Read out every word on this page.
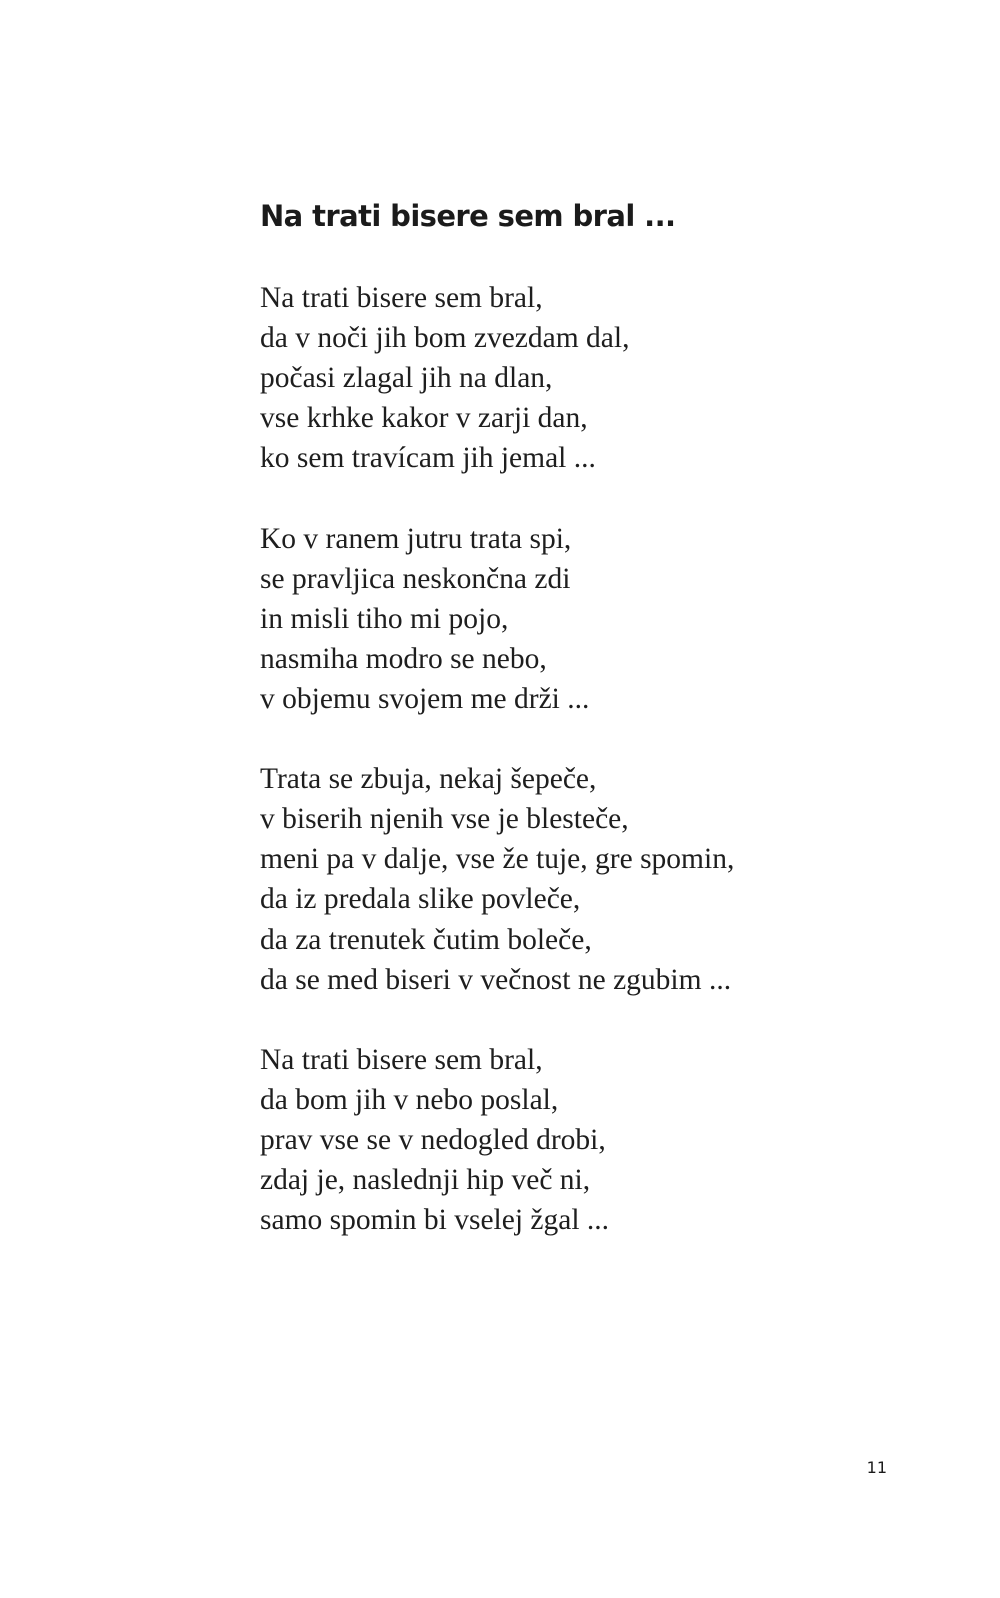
Na trati bisere sem bral ...
Na trati bisere sem bral,
da v noči jih bom zvezdam dal,
počasi zlagal jih na dlan,
vse krhke kakor v zarji dan,
ko sem travícam jih jemal ...
Ko v ranem jutru trata spi,
se pravljica neskončna zdi
in misli tiho mi pojo,
nasmiha modro se nebo,
v objemu svojem me drži ...
Trata se zbuja, nekaj šepeče,
v biserih njenih vse je blesteče,
meni pa v dalje, vse že tuje, gre spomin,
da iz predala slike povleče,
da za trenutek čutim boleče,
da se med biseri v večnost ne zgubim ...
Na trati bisere sem bral,
da bom jih v nebo poslal,
prav vse se v nedogled drobi,
zdaj je, naslednji hip več ni,
samo spomin bi vselej žgal ...
11
